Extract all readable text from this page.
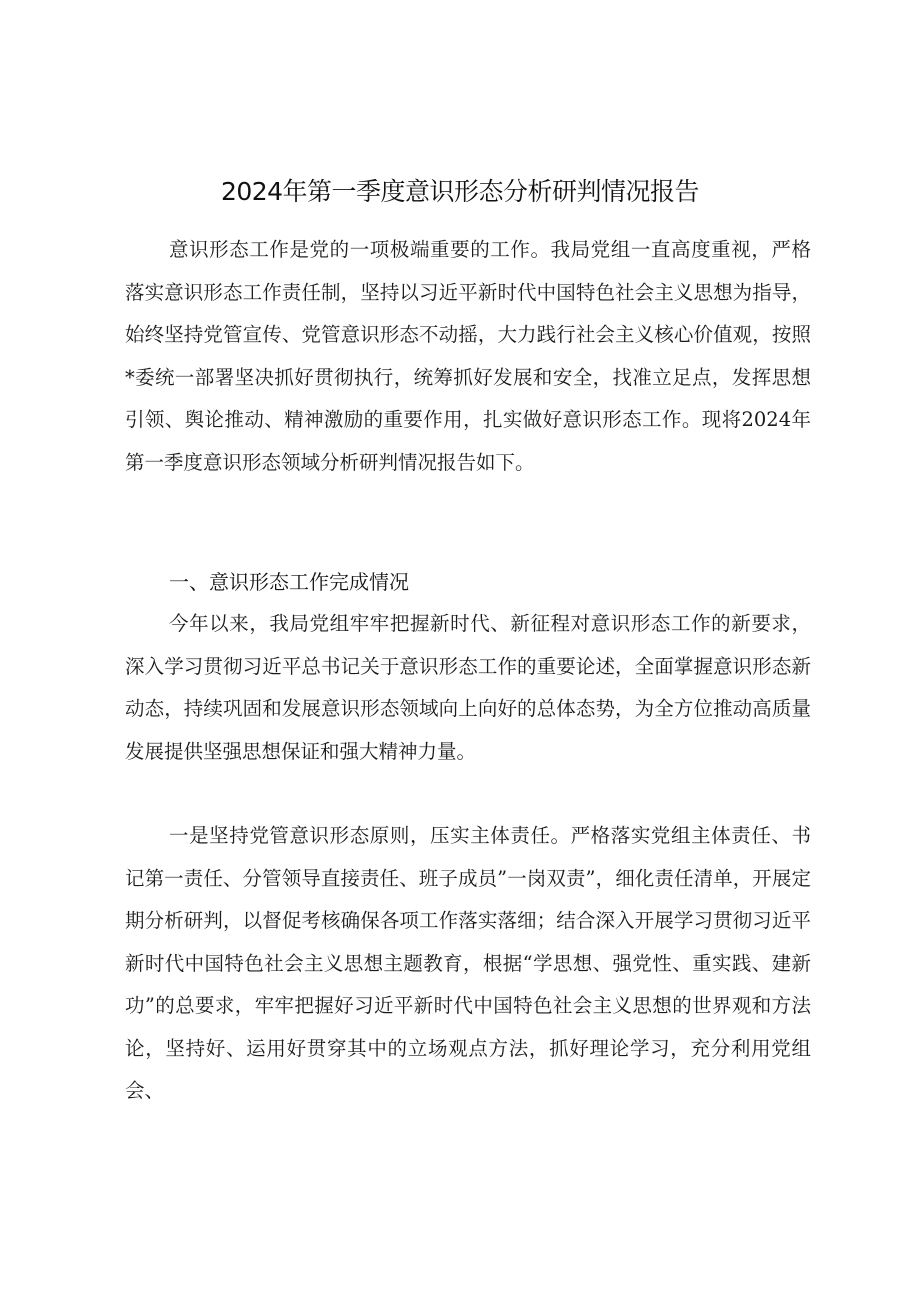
2024年第一季度意识形态分析研判情况报告

意识形态工作是党的一项极端重要的工作。我局党组一直高度重视，严格落实意识形态工作责任制，坚持以习近平新时代中国特色社会主义思想为指导，始终坚持党管宣传、党管意识形态不动摇，大力践行社会主义核心价值观，按照*委统一部署坚决抓好贯彻执行，统筹抓好发展和安全，找准立足点，发挥思想引领、舆论推动、精神激励的重要作用，扎实做好意识形态工作。现将2024年第一季度意识形态领域分析研判情况报告如下。

一、意识形态工作完成情况

今年以来，我局党组牢牢把握新时代、新征程对意识形态工作的新要求，深入学习贯彻习近平总书记关于意识形态工作的重要论述，全面掌握意识形态新动态，持续巩固和发展意识形态领域向上向好的总体态势，为全方位推动高质量发展提供坚强思想保证和强大精神力量。

一是坚持党管意识形态原则，压实主体责任。严格落实党组主体责任、书记第一责任、分管领导直接责任、班子成员”一岗双责”，细化责任清单，开展定期分析研判，以督促考核确保各项工作落实落细；结合深入开展学习贯彻习近平新时代中国特色社会主义思想主题教育，根据“学思想、强党性、重实践、建新功”的总要求，牢牢把握好习近平新时代中国特色社会主义思想的世界观和方法论，坚持好、运用好贯穿其中的立场观点方法，抓好理论学习，充分利用党组会、
